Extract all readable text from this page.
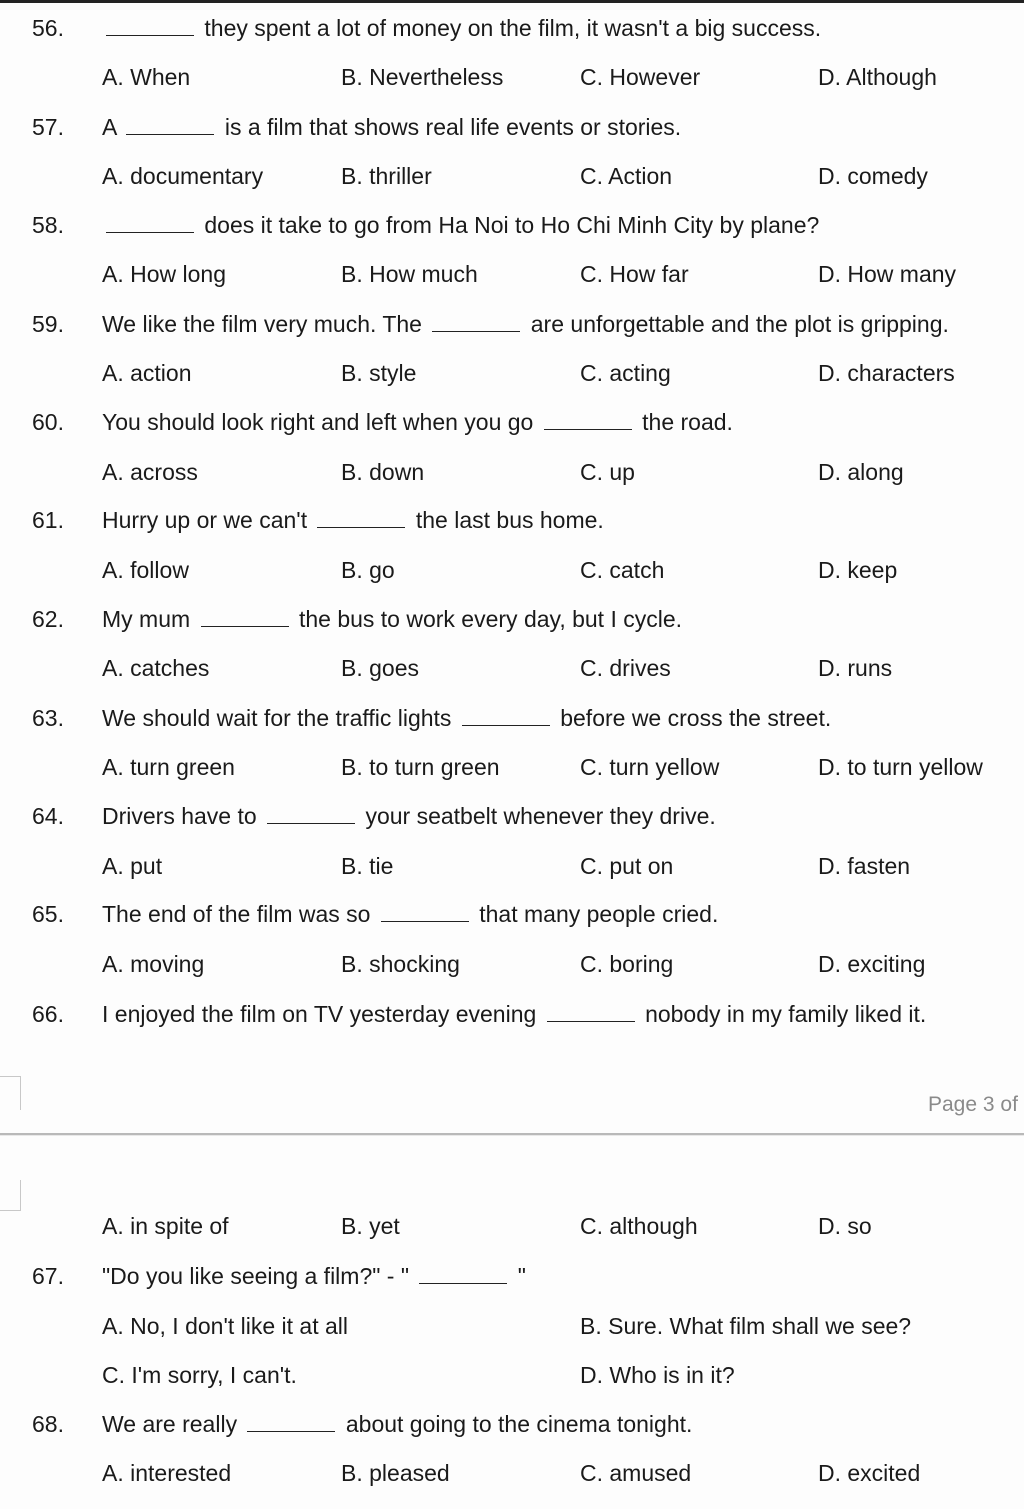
56.	they spent a lot of money on the film, it wasn't a big success.
A. When	B. Nevertheless	C. However	D. Although
57. A	is a film that shows real life events or stories.
A. documentary	B. thriller	C. Action	D. comedy
58.	does it take to go from Ha Noi to Ho Chi Minh City by plane?
A. How long	B. How much	C. How far	D. How many
59. We like the film very much. The	are unforgettable and the plot is gripping.
A. action	B. style	C. acting	D. characters
60. You should look right and left when you go	the road.
A. across	B. down	C. up	D. along
61. Hurry up or we can't	the last bus home.
A. follow	B. go	C. catch	D. keep
62. My mum	the bus to work every day, but I cycle.
A. catches	B. goes	C. drives	D. runs
63. We should wait for the traffic lights	before we cross the street.
A. turn green	B. to turn green	C. turn yellow	D. to turn yellow
64. Drivers have to	your seatbelt whenever they drive.
A. put	B. tie	C. put on	D. fasten
65. The end of the film was so	that many people cried.
A. moving	B. shocking	C. boring	D. exciting
66. I enjoyed the film on TV yesterday evening	nobody in my family liked it.
Page 3 of
A. in spite of	B. yet	C. although	D. so
67. "Do you like seeing a film?" - "	"
A. No, I don't like it at all	B. Sure. What film shall we see?
C. I'm sorry, I can't.	D. Who is in it?
68. We are really	about going to the cinema tonight.
A. interested	B. pleased	C. amused	D. excited
